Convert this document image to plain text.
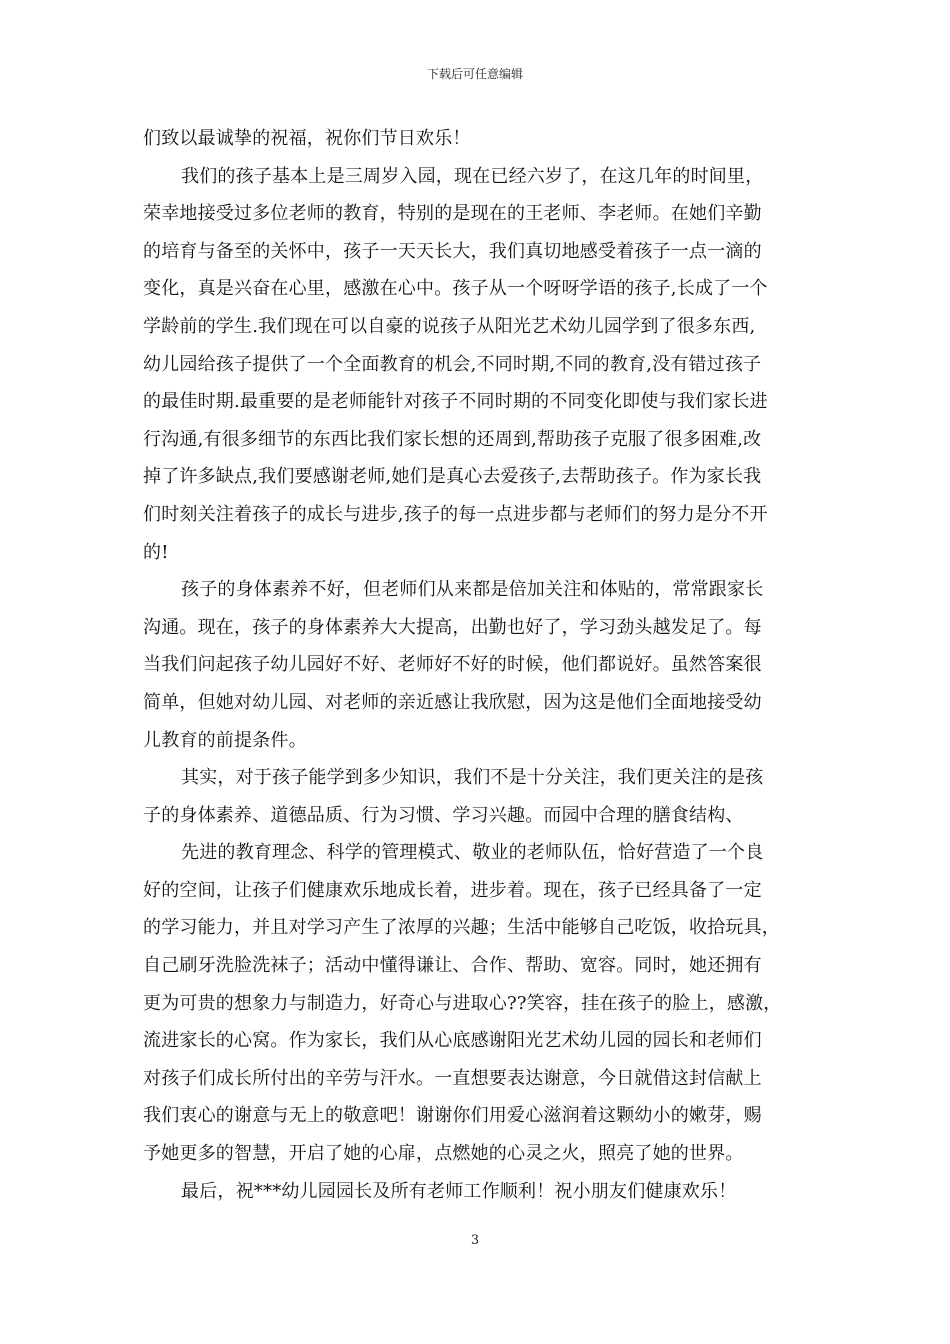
下载后可任意编辑
们致以最诚挚的祝福，祝你们节日欢乐！
我们的孩子基本上是三周岁入园，现在已经六岁了，在这几年的时间里，
荣幸地接受过多位老师的教育，特别的是现在的王老师、李老师。在她们辛勤
的培育与备至的关怀中，孩子一天天长大，我们真切地感受着孩子一点一滴的
变化，真是兴奋在心里，感激在心中。孩子从一个呀呀学语的孩子,长成了一个
学龄前的学生.我们现在可以自豪的说孩子从阳光艺术幼儿园学到了很多东西,
幼儿园给孩子提供了一个全面教育的机会,不同时期,不同的教育,没有错过孩子
的最佳时期.最重要的是老师能针对孩子不同时期的不同变化即使与我们家长进
行沟通,有很多细节的东西比我们家长想的还周到,帮助孩子克服了很多困难,改
掉了许多缺点,我们要感谢老师,她们是真心去爱孩子,去帮助孩子。作为家长我
们时刻关注着孩子的成长与进步,孩子的每一点进步都与老师们的努力是分不开
的!
孩子的身体素养不好，但老师们从来都是倍加关注和体贴的，常常跟家长
沟通。现在，孩子的身体素养大大提高，出勤也好了，学习劲头越发足了。每
当我们问起孩子幼儿园好不好、老师好不好的时候，他们都说好。虽然答案很
简单，但她对幼儿园、对老师的亲近感让我欣慰，因为这是他们全面地接受幼
儿教育的前提条件。
其实，对于孩子能学到多少知识，我们不是十分关注，我们更关注的是孩
子的身体素养、道德品质、行为习惯、学习兴趣。而园中合理的膳食结构、
先进的教育理念、科学的管理模式、敬业的老师队伍，恰好营造了一个良
好的空间，让孩子们健康欢乐地成长着，进步着。现在，孩子已经具备了一定
的学习能力，并且对学习产生了浓厚的兴趣；生活中能够自己吃饭，收拾玩具，
自己刷牙洗脸洗袜子；活动中懂得谦让、合作、帮助、宽容。同时，她还拥有
更为可贵的想象力与制造力，好奇心与进取心??笑容，挂在孩子的脸上，感激，
流进家长的心窝。作为家长，我们从心底感谢阳光艺术幼儿园的园长和老师们
对孩子们成长所付出的辛劳与汗水。一直想要表达谢意，今日就借这封信献上
我们衷心的谢意与无上的敬意吧！谢谢你们用爱心滋润着这颗幼小的嫩芽，赐
予她更多的智慧，开启了她的心扉，点燃她的心灵之火，照亮了她的世界。
最后，祝***幼儿园园长及所有老师工作顺利！祝小朋友们健康欢乐！
3
